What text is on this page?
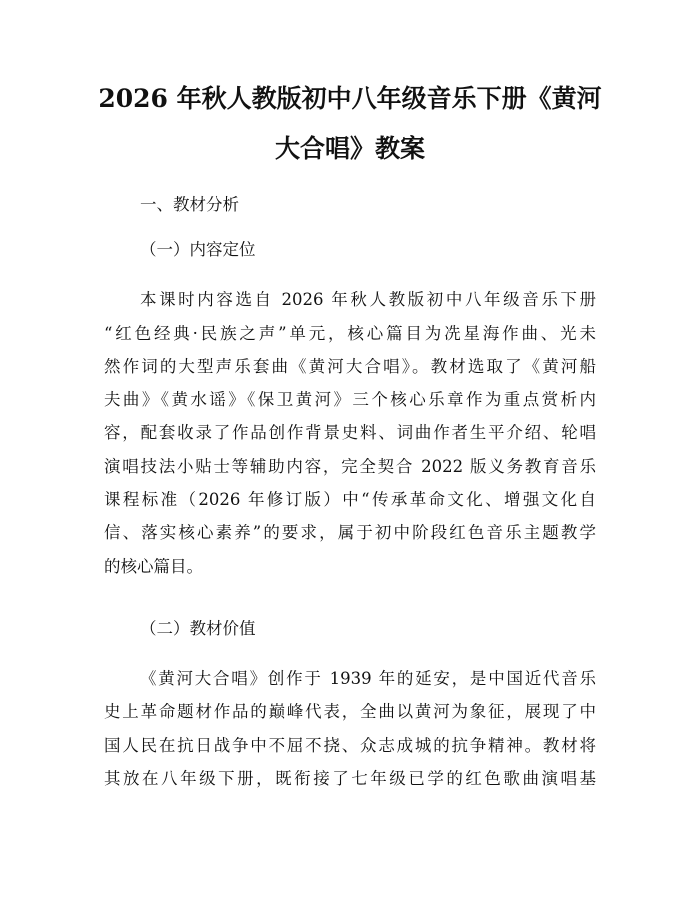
2026 年秋人教版初中八年级音乐下册《黄河
大合唱》教案
一、教材分析
（一）内容定位
本课时内容选自 2026 年秋人教版初中八年级音乐下册
“红色经典·民族之声”单元，核心篇目为冼星海作曲、光未
然作词的大型声乐套曲《黄河大合唱》。教材选取了《黄河船
夫曲》《黄水谣》《保卫黄河》三个核心乐章作为重点赏析内
容，配套收录了作品创作背景史料、词曲作者生平介绍、轮唱
演唱技法小贴士等辅助内容，完全契合 2022 版义务教育音乐
课程标准（2026 年修订版）中“传承革命文化、增强文化自
信、落实核心素养”的要求，属于初中阶段红色音乐主题教学
的核心篇目。
（二）教材价值
《黄河大合唱》创作于 1939 年的延安，是中国近代音乐
史上革命题材作品的巅峰代表，全曲以黄河为象征，展现了中
国人民在抗日战争中不屈不挠、众志成城的抗争精神。教材将
其放在八年级下册，既衔接了七年级已学的红色歌曲演唱基
